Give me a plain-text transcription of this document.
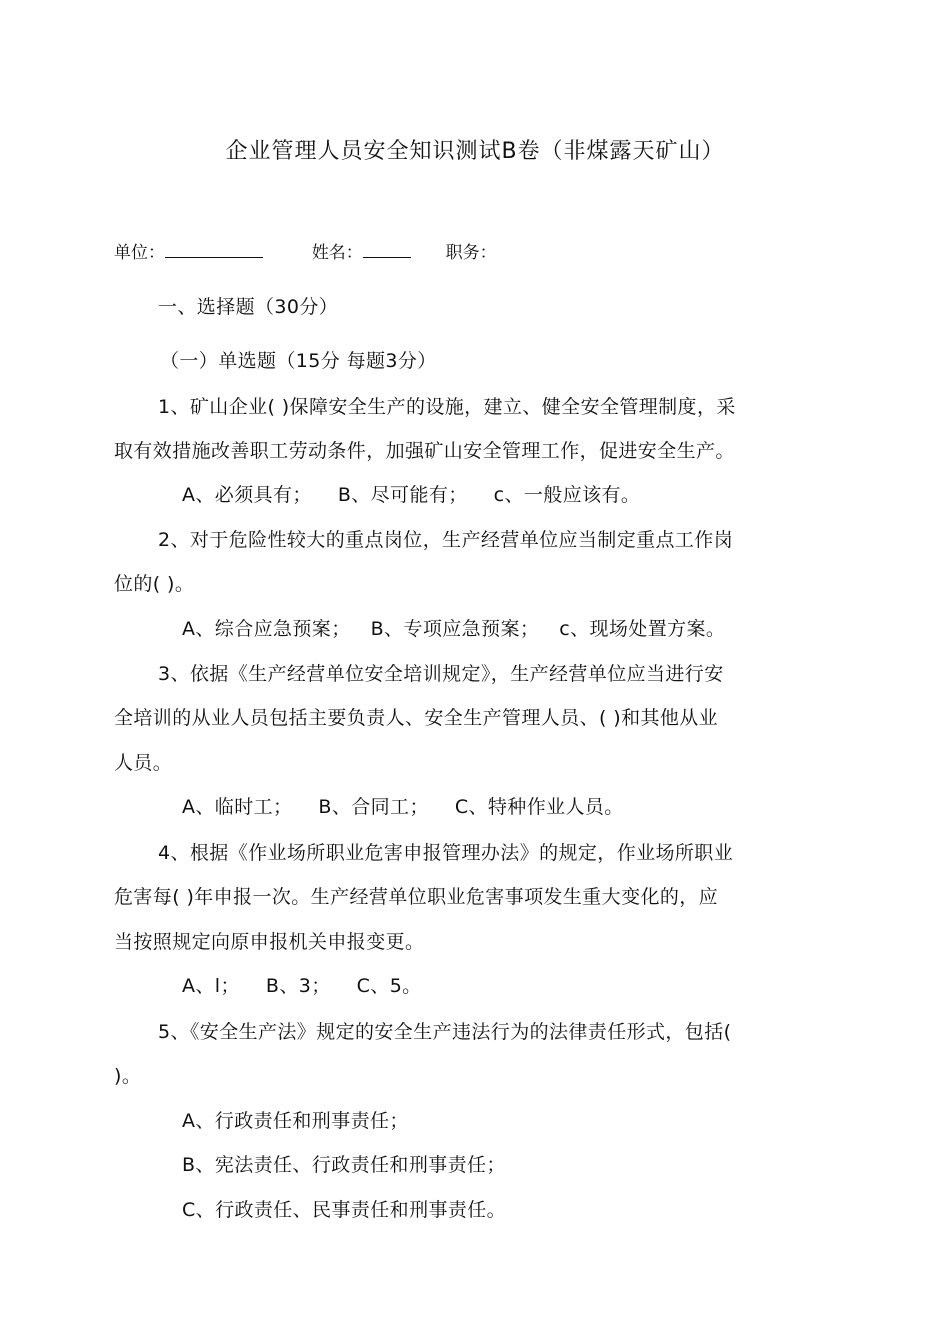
企业管理人员安全知识测试B卷（非煤露天矿山）
单位：	姓名：	职务：
一、选择题（30分）
（一）单选题（15分 每题3分）
1、矿山企业( )保障安全生产的设施，建立、健全安全管理制度，采
取有效措施改善职工劳动条件，加强矿山安全管理工作，促进安全生产。
A、必须具有； B、尽可能有； c、一般应该有。
2、对于危险性较大的重点岗位，生产经营单位应当制定重点工作岗
位的( )。
A、综合应急预案； B、专项应急预案； c、现场处置方案。
3、依据《生产经营单位安全培训规定》，生产经营单位应当进行安
全培训的从业人员包括主要负责人、安全生产管理人员、( )和其他从业
人员。
A、临时工； B、合同工； C、特种作业人员。
4、根据《作业场所职业危害申报管理办法》的规定，作业场所职业
危害每( )年申报一次。生产经营单位职业危害事项发生重大变化的，应
当按照规定向原申报机关申报变更。
A、l； B、3； C、5。
5、《安全生产法》规定的安全生产违法行为的法律责任形式，包括(
)。
A、行政责任和刑事责任；
B、宪法责任、行政责任和刑事责任；
C、行政责任、民事责任和刑事责任。
